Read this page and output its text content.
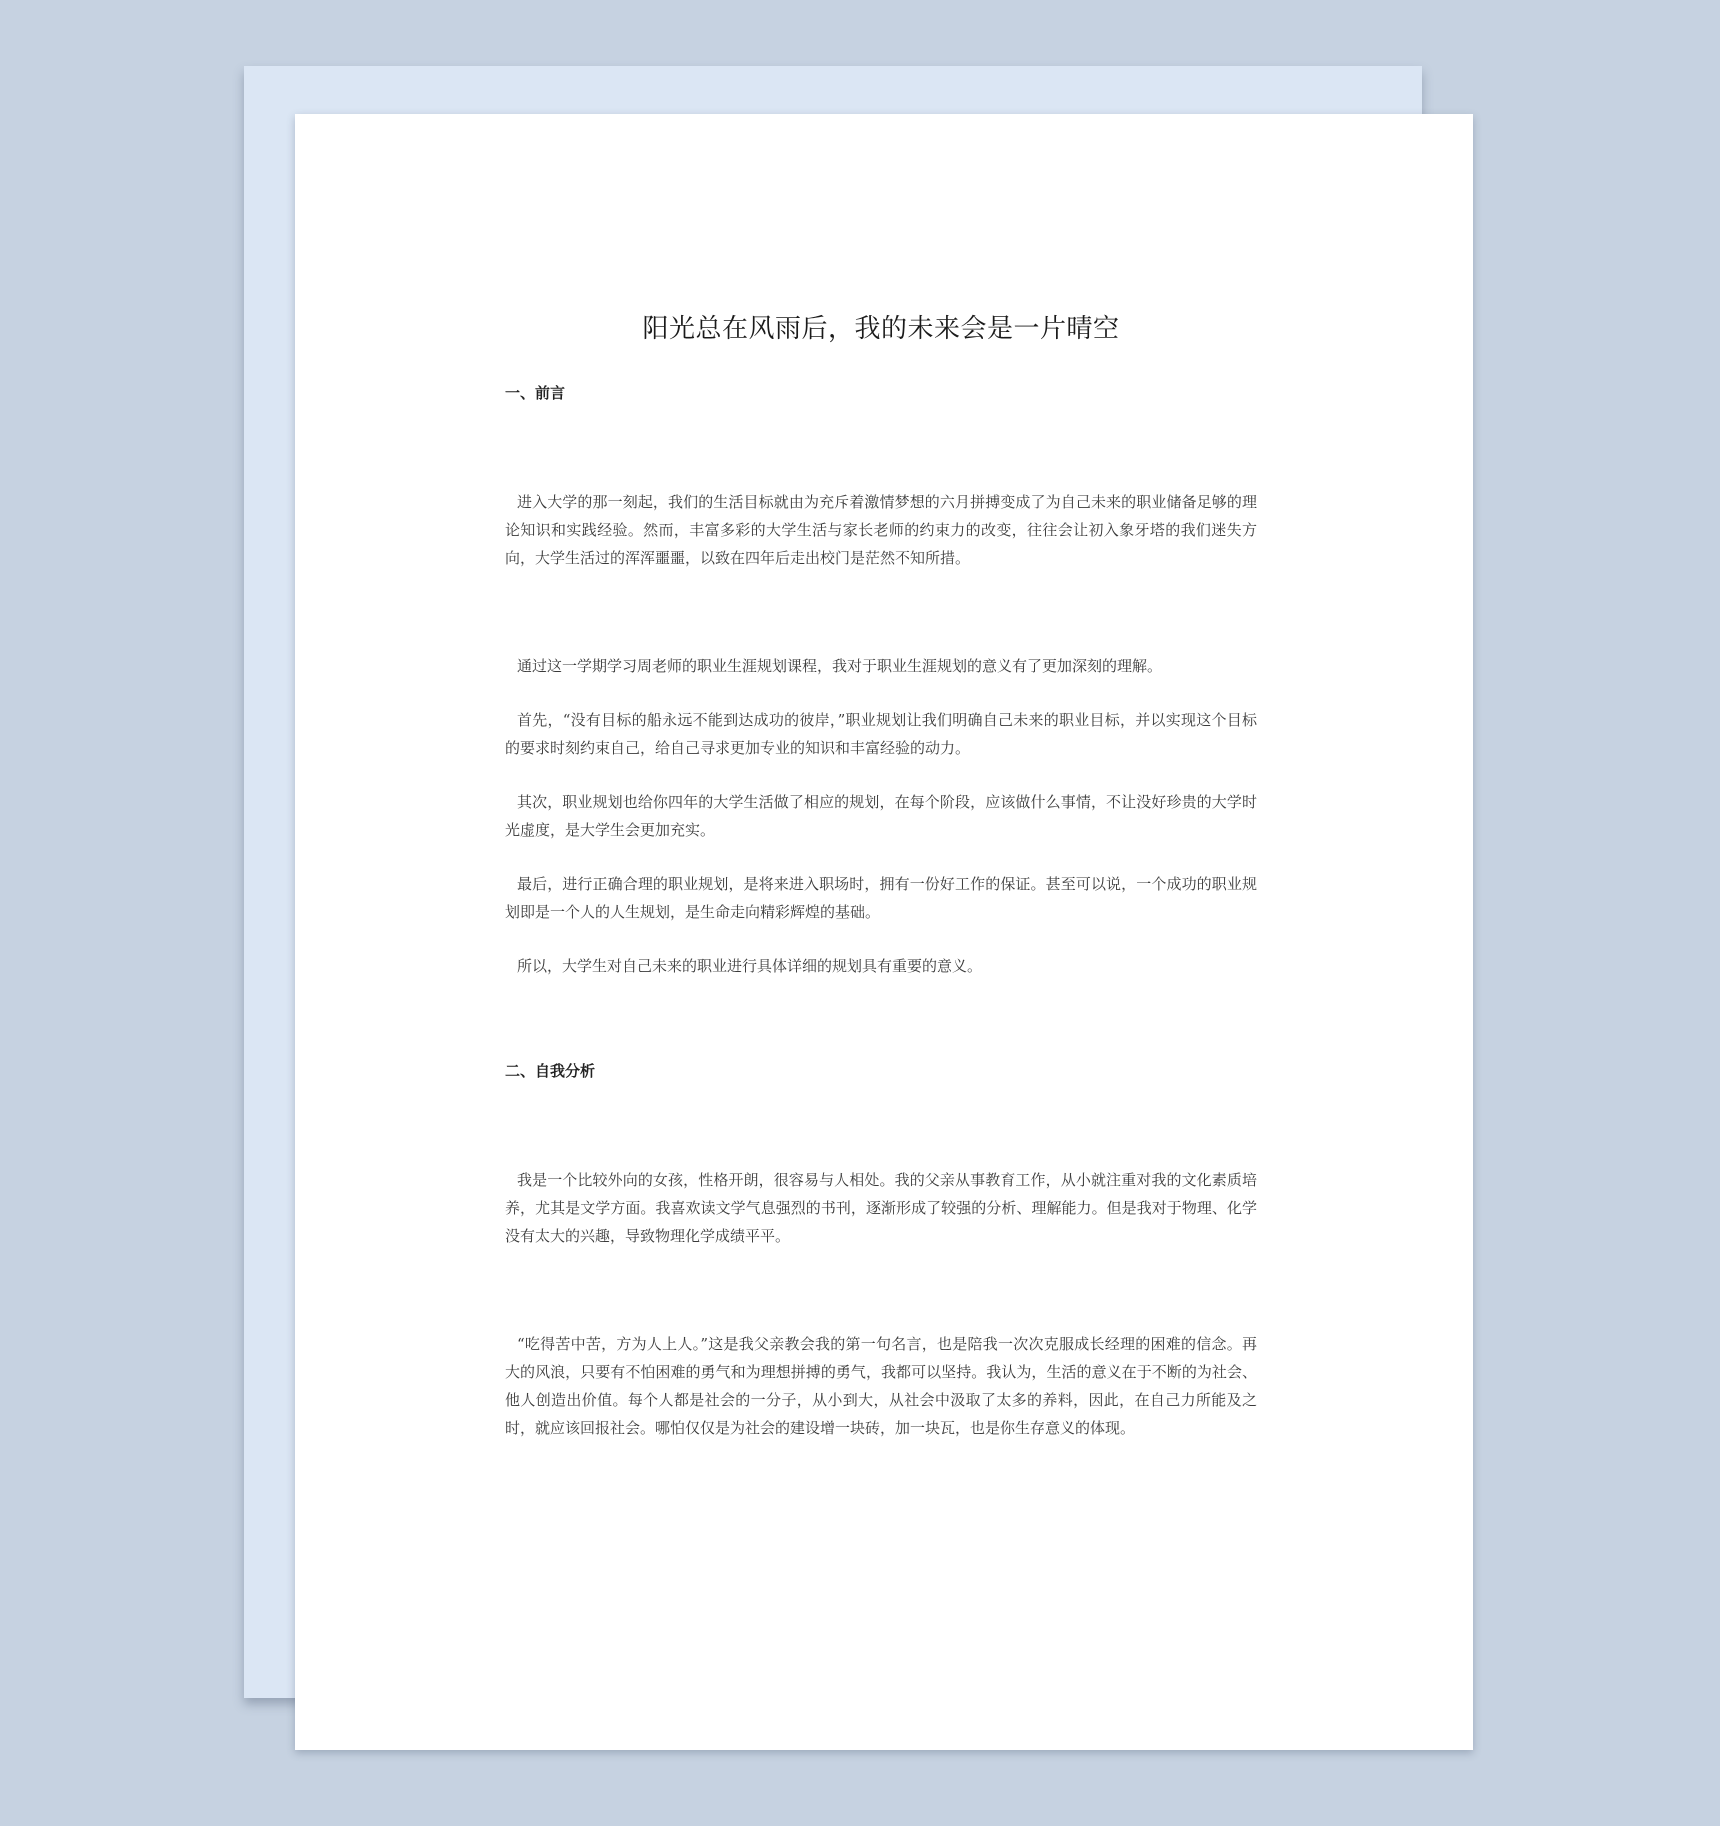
阳光总在风雨后，我的未来会是一片晴空
一、前言

进入大学的那一刻起，我们的生活目标就由为充斥着激情梦想的六月拼搏变成了为自己未来的职业储备足够的理论知识和实践经验。然而，丰富多彩的大学生活与家长老师的约束力的改变，往往会让初入象牙塔的我们迷失方向，大学生活过的浑浑噩噩，以致在四年后走出校门是茫然不知所措。

通过这一学期学习周老师的职业生涯规划课程，我对于职业生涯规划的意义有了更加深刻的理解。

首先，“没有目标的船永远不能到达成功的彼岸，”职业规划让我们明确自己未来的职业目标，并以实现这个目标的要求时刻约束自己，给自己寻求更加专业的知识和丰富经验的动力。

其次，职业规划也给你四年的大学生活做了相应的规划，在每个阶段，应该做什么事情，不让没好珍贵的大学时光虚度，是大学生会更加充实。

最后，进行正确合理的职业规划，是将来进入职场时，拥有一份好工作的保证。甚至可以说，一个成功的职业规划即是一个人的人生规划，是生命走向精彩辉煌的基础。

所以，大学生对自己未来的职业进行具体详细的规划具有重要的意义。

二、自我分析

我是一个比较外向的女孩，性格开朗，很容易与人相处。我的父亲从事教育工作，从小就注重对我的文化素质培养，尤其是文学方面。我喜欢读文学气息强烈的书刊，逐渐形成了较强的分析、理解能力。但是我对于物理、化学没有太大的兴趣，导致物理化学成绩平平。

“吃得苦中苦，方为人上人。”这是我父亲教会我的第一句名言，也是陪我一次次克服成长经理的困难的信念。再大的风浪，只要有不怕困难的勇气和为理想拼搏的勇气，我都可以坚持。我认为，生活的意义在于不断的为社会、他人创造出价值。每个人都是社会的一分子，从小到大，从社会中汲取了太多的养料，因此，在自己力所能及之时，就应该回报社会。哪怕仅仅是为社会的建设增一块砖，加一块瓦，也是你生存意义的体现。
